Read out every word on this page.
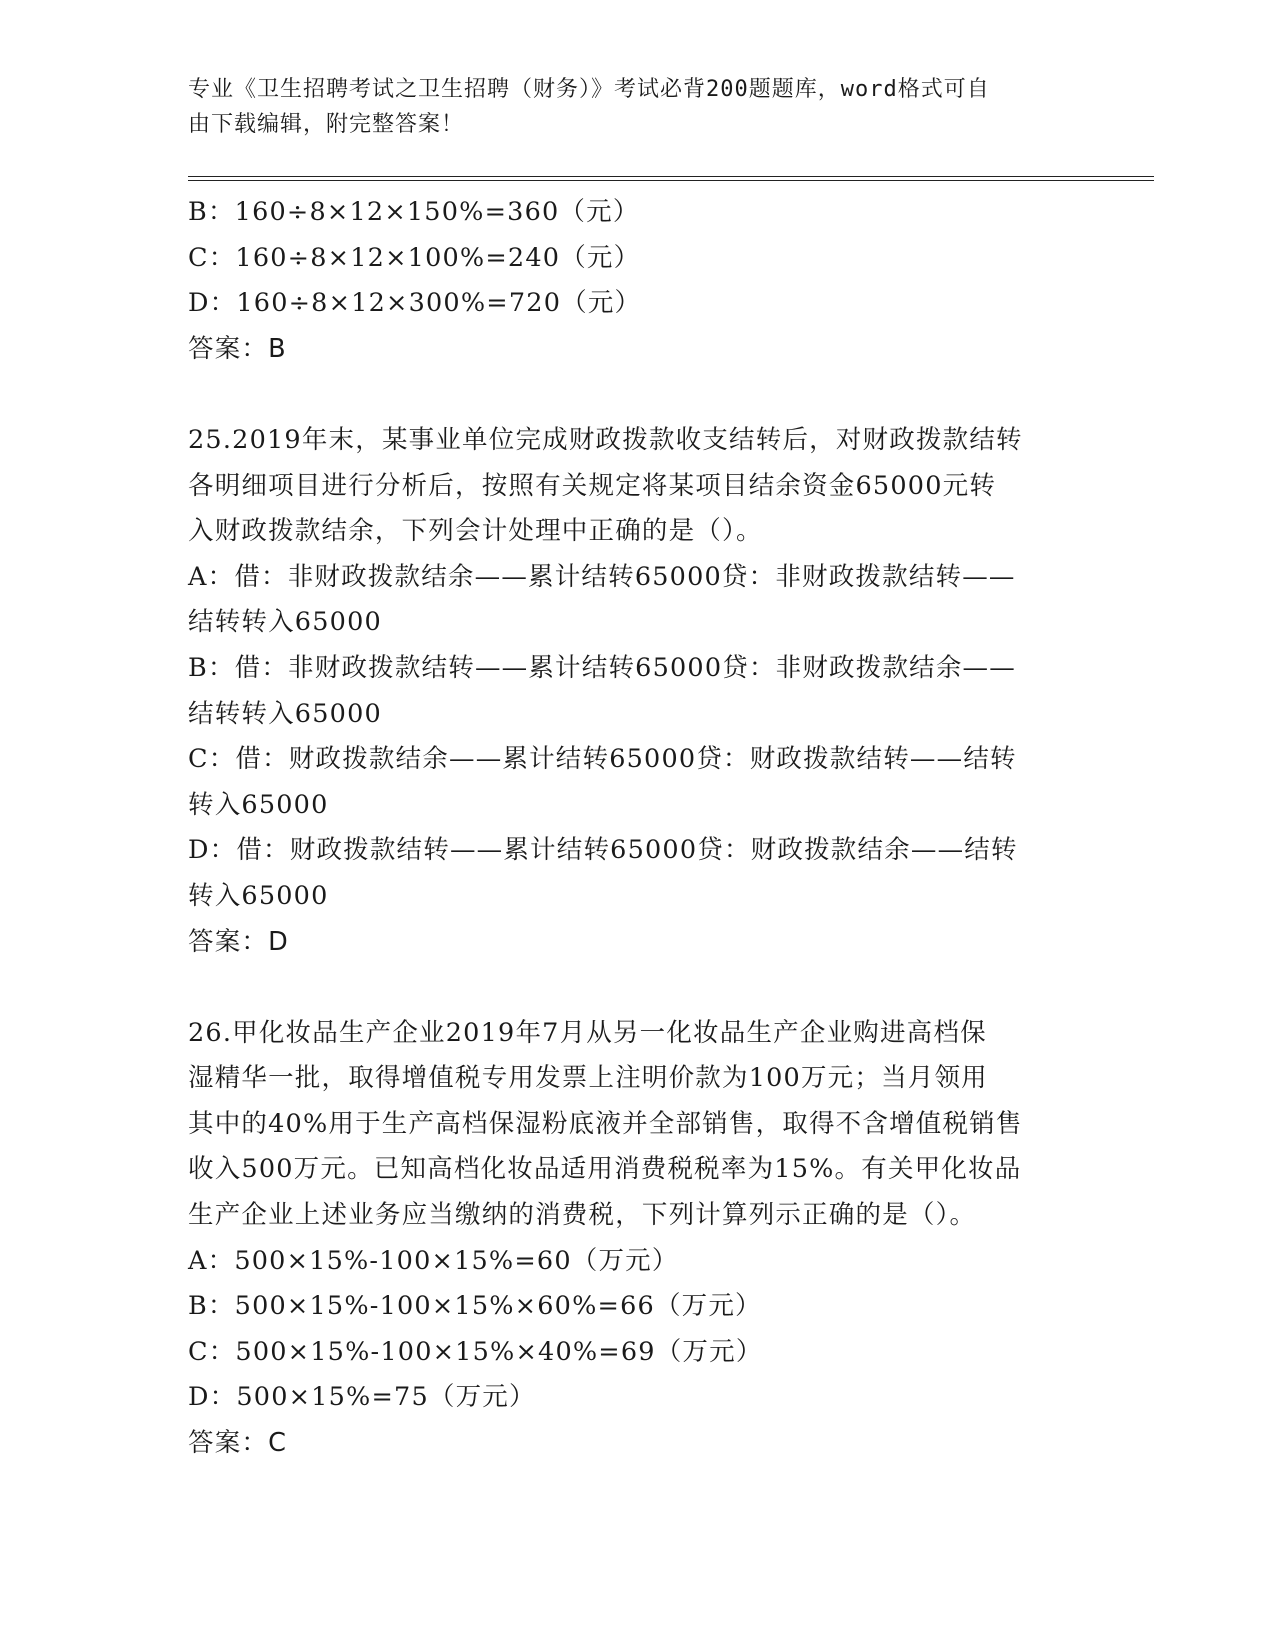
专业《卫生招聘考试之卫生招聘（财务）》考试必背200题题库，word格式可自
由下载编辑，附完整答案！
B：160÷8×12×150%=360（元）
C：160÷8×12×100%=240（元）
D：160÷8×12×300%=720（元）
答案：B
25.2019年末，某事业单位完成财政拨款收支结转后，对财政拨款结转
各明细项目进行分析后，按照有关规定将某项目结余资金65000元转
入财政拨款结余，下列会计处理中正确的是（）。
A：借：非财政拨款结余——累计结转65000贷：非财政拨款结转——
结转转入65000
B：借：非财政拨款结转——累计结转65000贷：非财政拨款结余——
结转转入65000
C：借：财政拨款结余——累计结转65000贷：财政拨款结转——结转
转入65000
D：借：财政拨款结转——累计结转65000贷：财政拨款结余——结转
转入65000
答案：D
26.甲化妆品生产企业2019年7月从另一化妆品生产企业购进高档保
湿精华一批，取得增值税专用发票上注明价款为100万元；当月领用
其中的40%用于生产高档保湿粉底液并全部销售，取得不含增值税销售
收入500万元。已知高档化妆品适用消费税税率为15%。有关甲化妆品
生产企业上述业务应当缴纳的消费税，下列计算列示正确的是（）。
A：500×15%-100×15%=60（万元）
B：500×15%-100×15%×60%=66（万元）
C：500×15%-100×15%×40%=69（万元）
D：500×15%=75（万元）
答案：C
